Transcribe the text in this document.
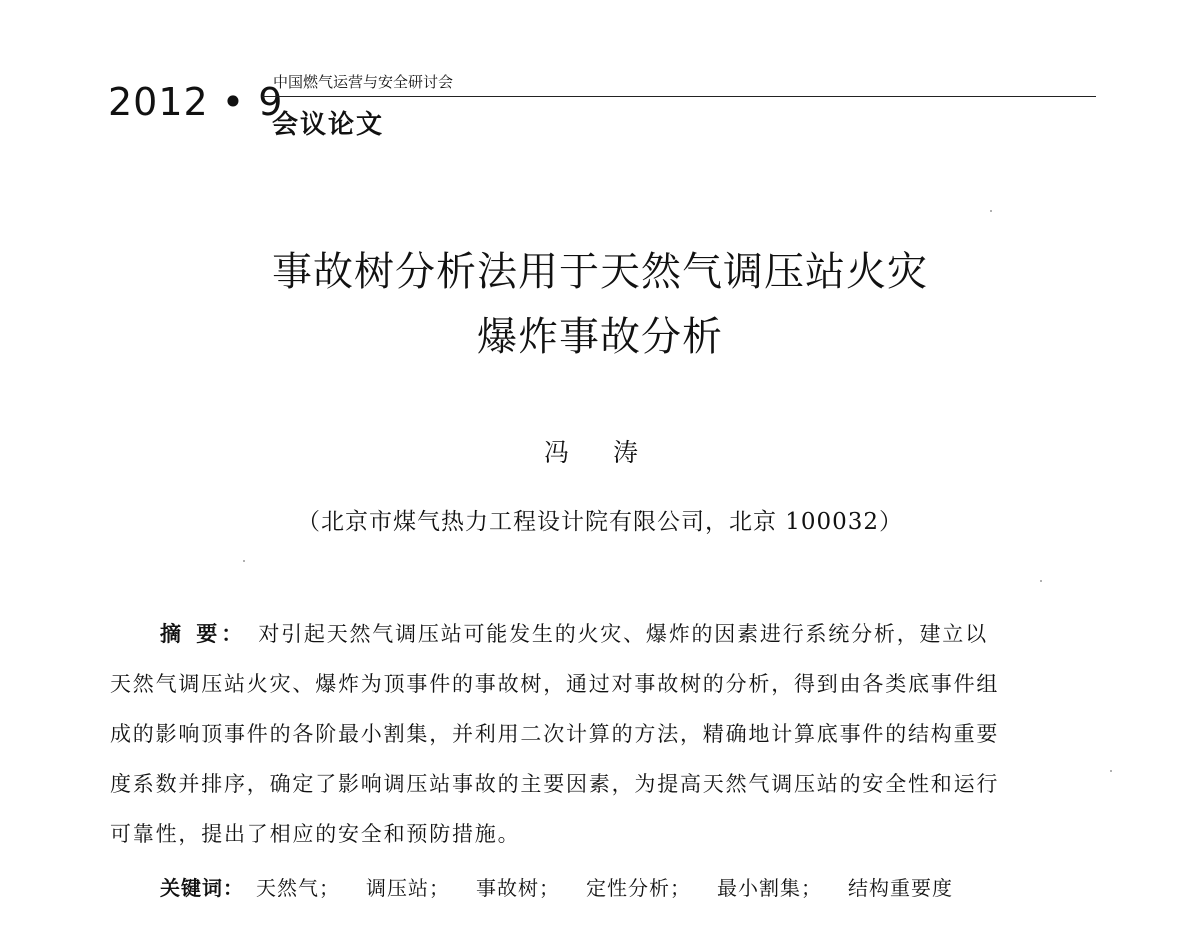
2012 • 9
中国燃气运营与安全研讨会
会议论文
事故树分析法用于天然气调压站火灾
爆炸事故分析
冯 涛
（北京市煤气热力工程设计院有限公司，北京 100032）
摘 要： 对引起天然气调压站可能发生的火灾、爆炸的因素进行系统分析，建立以
天然气调压站火灾、爆炸为顶事件的事故树，通过对事故树的分析，得到由各类底事件组
成的影响顶事件的各阶最小割集，并利用二次计算的方法，精确地计算底事件的结构重要
度系数并排序，确定了影响调压站事故的主要因素，为提高天然气调压站的安全性和运行
可靠性，提出了相应的安全和预防措施。
关键词： 天然气； 调压站； 事故树； 定性分析； 最小割集； 结构重要度
